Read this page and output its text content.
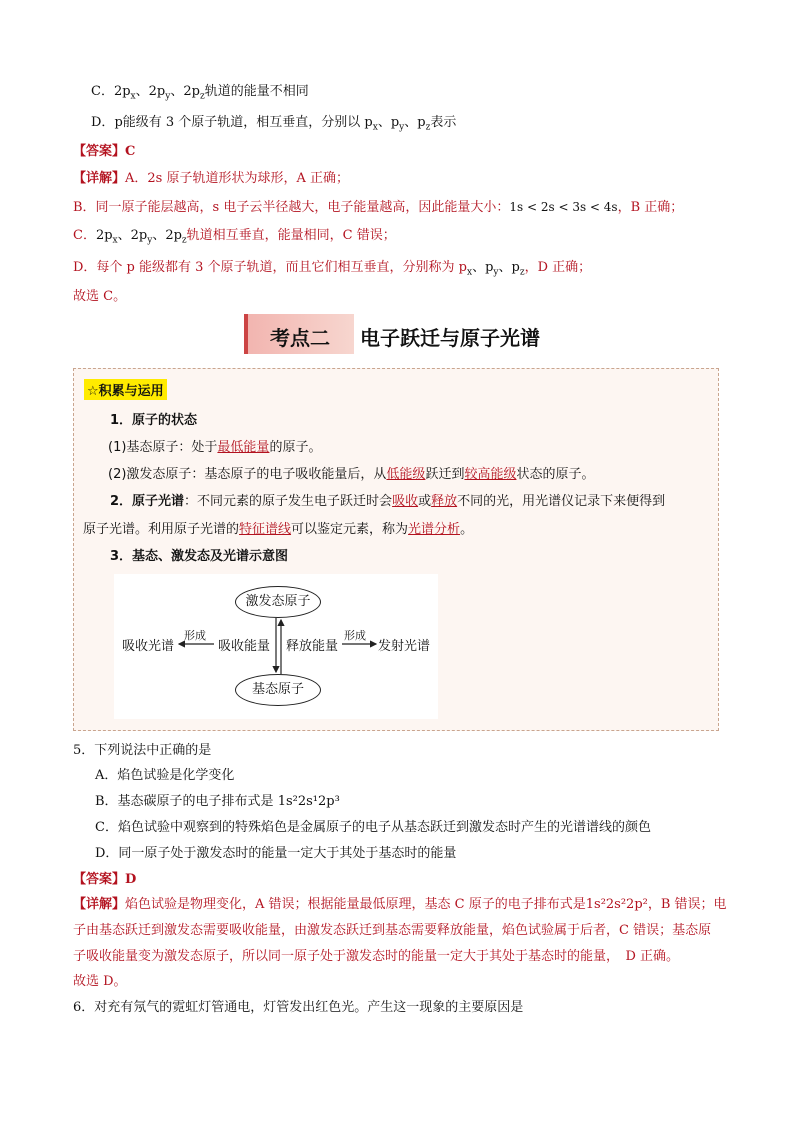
C．$2p_x$、$2p_y$、$2p_z$轨道的能量不相同
D．p能级有 3 个原子轨道，相互垂直，分别以 $p_x$、$p_y$、$p_z$表示
【答案】C
【详解】A．2s 原子轨道形状为球形，A 正确；
B．同一原子能层越高，s 电子云半径越大，电子能量越高，因此能量大小：1s < 2s < 3s < 4s，B 正确；
C．$2p_x$、$2p_y$、$2p_z$轨道相互垂直，能量相同，C 错误；
D．每个 p 能级都有 3 个原子轨道，而且它们相互垂直，分别称为 $p_x$、$p_y$、$p_z$，D 正确；
故选 C。
考点二 电子跃迁与原子光谱
☆积累与运用
1．原子的状态
(1)基态原子：处于最低能量的原子。
(2)激发态原子：基态原子的电子吸收能量后，从低能级跃迁到较高能级状态的原子。
2．原子光谱：不同元素的原子发生电子跃迁时会吸收或释放不同的光，用光谱仪记录下来便得到
原子光谱。利用原子光谱的特征谱线可以鉴定元素，称为光谱分析。
3．基态、激发态及光谱示意图
激发态原子
基态原子
吸收光谱
形成
吸收能量 释放能量
形成
发射光谱
5．下列说法中正确的是
A．焰色试验是化学变化
B．基态碳原子的电子排布式是 1s²2s¹2p³
C．焰色试验中观察到的特殊焰色是金属原子的电子从基态跃迁到激发态时产生的光谱谱线的颜色
D．同一原子处于激发态时的能量一定大于其处于基态时的能量
【答案】D
【详解】焰色试验是物理变化，A 错误；根据能量最低原理，基态 C 原子的电子排布式是1s²2s²2p²，B 错误；电
子由基态跃迁到激发态需要吸收能量，由激发态跃迁到基态需要释放能量，焰色试验属于后者，C 错误；基态原
子吸收能量变为激发态原子，所以同一原子处于激发态时的能量一定大于其处于基态时的能量，　D 正确。
故选 D。
6．对充有氖气的霓虹灯管通电，灯管发出红色光。产生这一现象的主要原因是
